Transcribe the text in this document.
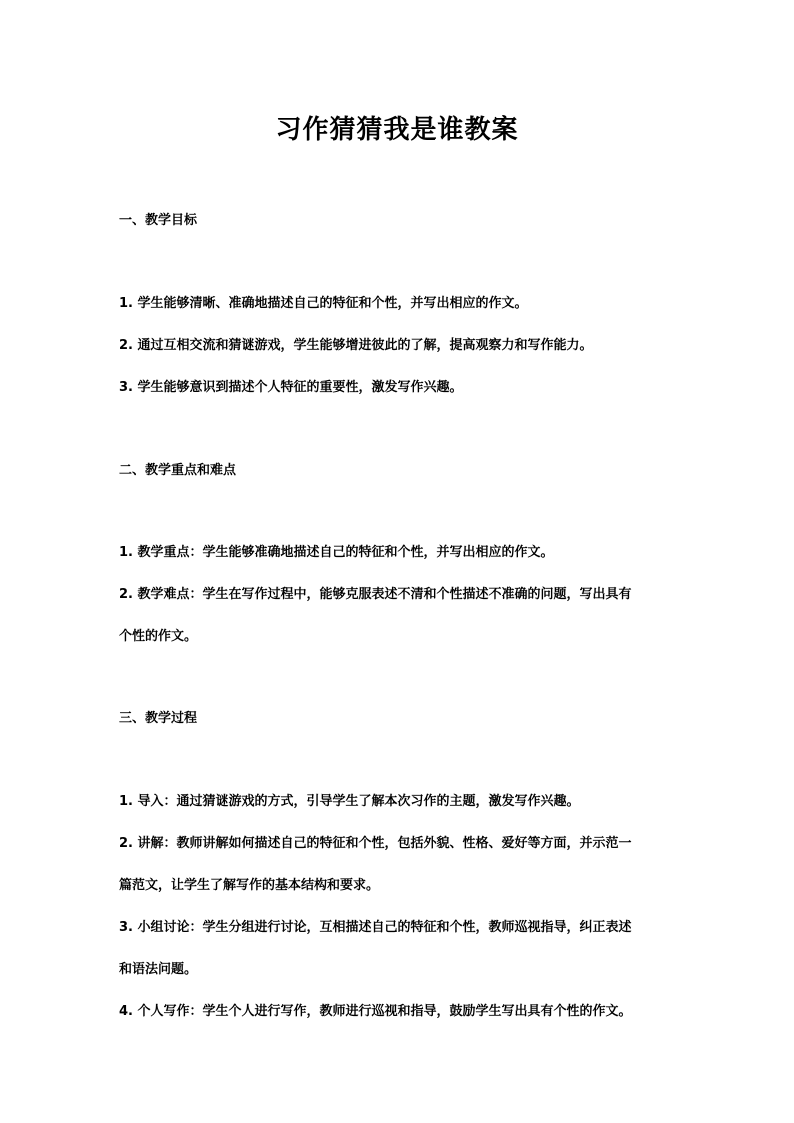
习作猜猜我是谁教案
一、教学目标
1. 学生能够清晰、准确地描述自己的特征和个性，并写出相应的作文。
2. 通过互相交流和猜谜游戏，学生能够增进彼此的了解，提高观察力和写作能力。
3. 学生能够意识到描述个人特征的重要性，激发写作兴趣。
二、教学重点和难点
1. 教学重点：学生能够准确地描述自己的特征和个性，并写出相应的作文。
2. 教学难点：学生在写作过程中，能够克服表述不清和个性描述不准确的问题，写出具有
个性的作文。
三、教学过程
1. 导入：通过猜谜游戏的方式，引导学生了解本次习作的主题，激发写作兴趣。
2. 讲解：教师讲解如何描述自己的特征和个性，包括外貌、性格、爱好等方面，并示范一
篇范文，让学生了解写作的基本结构和要求。
3. 小组讨论：学生分组进行讨论，互相描述自己的特征和个性，教师巡视指导，纠正表述
和语法问题。
4. 个人写作：学生个人进行写作，教师进行巡视和指导，鼓励学生写出具有个性的作文。
